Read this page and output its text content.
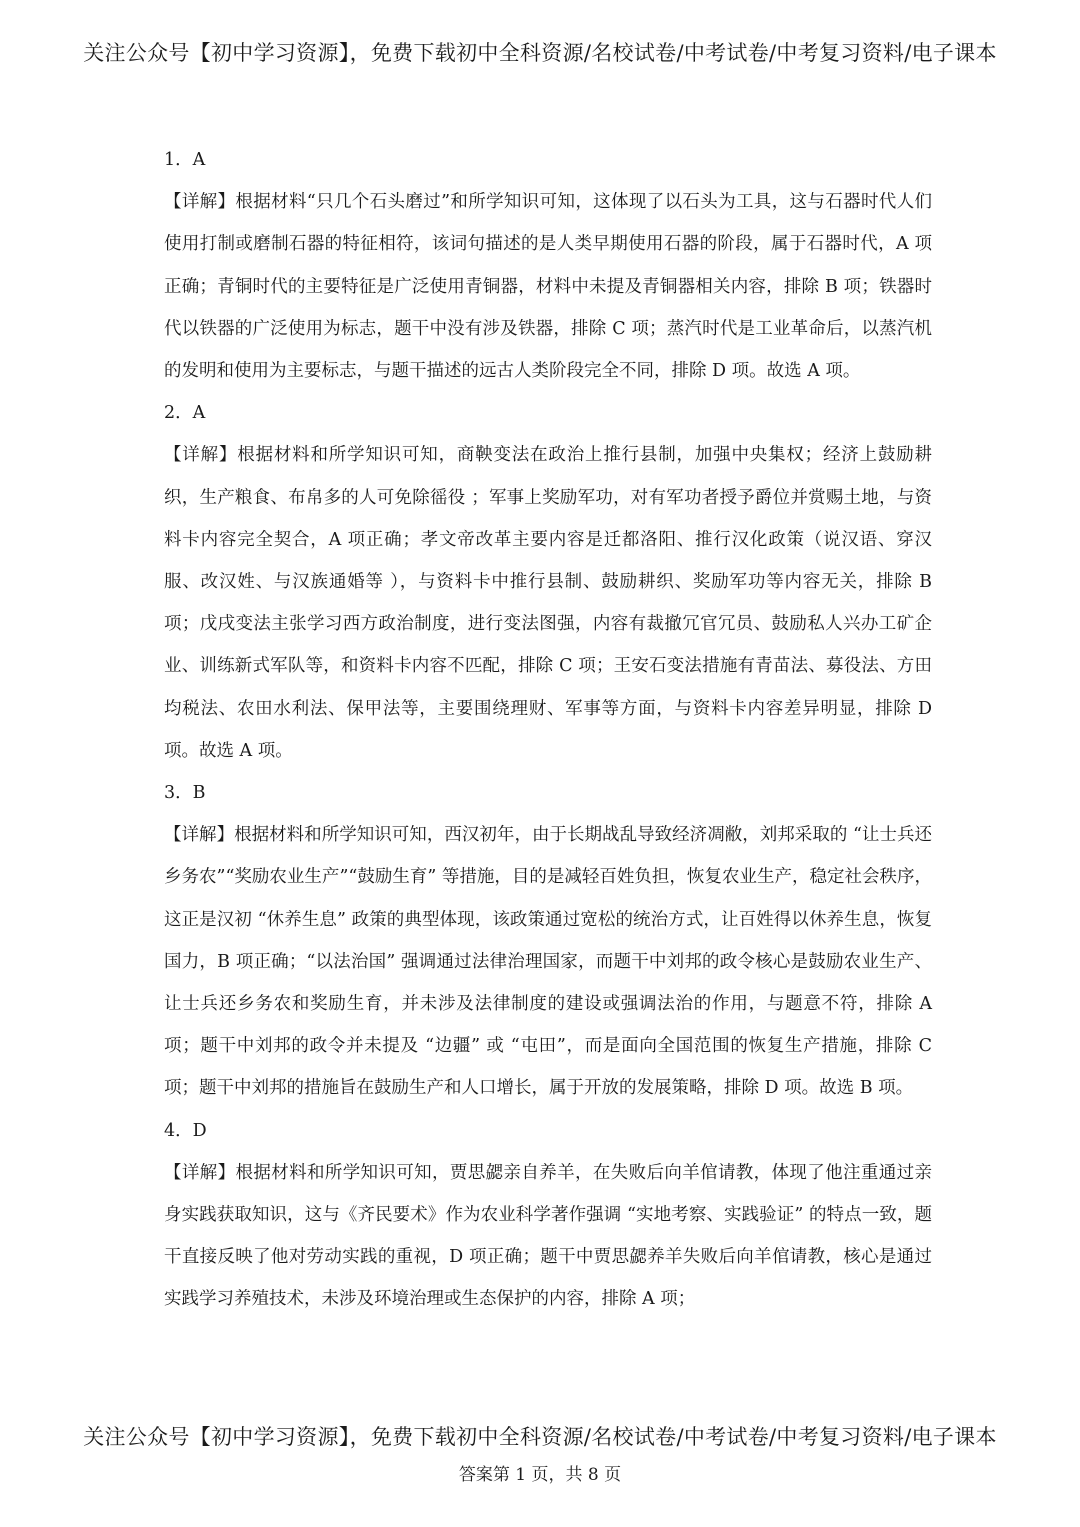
关注公众号【初中学习资源】，免费下载初中全科资源/名校试卷/中考试卷/中考复习资料/电子课本

1．A

【详解】根据材料“只几个石头磨过”和所学知识可知，这体现了以石头为工具，这与石器时代人们使用打制或磨制石器的特征相符，该词句描述的是人类早期使用石器的阶段，属于石器时代，A 项正确；青铜时代的主要特征是广泛使用青铜器，材料中未提及青铜器相关内容，排除 B 项；铁器时代以铁器的广泛使用为标志，题干中没有涉及铁器，排除 C 项；蒸汽时代是工业革命后，以蒸汽机的发明和使用为主要标志，与题干描述的远古人类阶段完全不同，排除 D 项。故选 A 项。

2．A

【详解】根据材料和所学知识可知，商鞅变法在政治上推行县制，加强中央集权；经济上鼓励耕织，生产粮食、布帛多的人可免除徭役 ；军事上奖励军功，对有军功者授予爵位并赏赐土地，与资料卡内容完全契合，A 项正确；孝文帝改革主要内容是迁都洛阳、推行汉化政策（说汉语、穿汉服、改汉姓、与汉族通婚等 ），与资料卡中推行县制、鼓励耕织、奖励军功等内容无关，排除 B 项；戊戌变法主张学习西方政治制度，进行变法图强，内容有裁撤冗官冗员、鼓励私人兴办工矿企业、训练新式军队等，和资料卡内容不匹配，排除 C 项；王安石变法措施有青苗法、募役法、方田均税法、农田水利法、保甲法等，主要围绕理财、军事等方面，与资料卡内容差异明显，排除 D 项。故选 A 项。

3．B

【详解】根据材料和所学知识可知，西汉初年，由于长期战乱导致经济凋敝，刘邦采取的 “让士兵还乡务农”“奖励农业生产”“鼓励生育” 等措施，目的是减轻百姓负担，恢复农业生产，稳定社会秩序，这正是汉初 “休养生息” 政策的典型体现，该政策通过宽松的统治方式，让百姓得以休养生息，恢复国力，B 项正确；“以法治国” 强调通过法律治理国家，而题干中刘邦的政令核心是鼓励农业生产、让士兵还乡务农和奖励生育，并未涉及法律制度的建设或强调法治的作用，与题意不符，排除 A 项；题干中刘邦的政令并未提及 “边疆” 或 “屯田”，而是面向全国范围的恢复生产措施，排除 C 项；题干中刘邦的措施旨在鼓励生产和人口增长，属于开放的发展策略，排除 D 项。故选 B 项。

4．D

【详解】根据材料和所学知识可知，贾思勰亲自养羊，在失败后向羊倌请教，体现了他注重通过亲身实践获取知识，这与《齐民要术》作为农业科学著作强调 “实地考察、实践验证” 的特点一致，题干直接反映了他对劳动实践的重视，D 项正确；题干中贾思勰养羊失败后向羊倌请教，核心是通过实践学习养殖技术，未涉及环境治理或生态保护的内容，排除 A 项；

关注公众号【初中学习资源】，免费下载初中全科资源/名校试卷/中考试卷/中考复习资料/电子课本
答案第 1 页，共 8 页
